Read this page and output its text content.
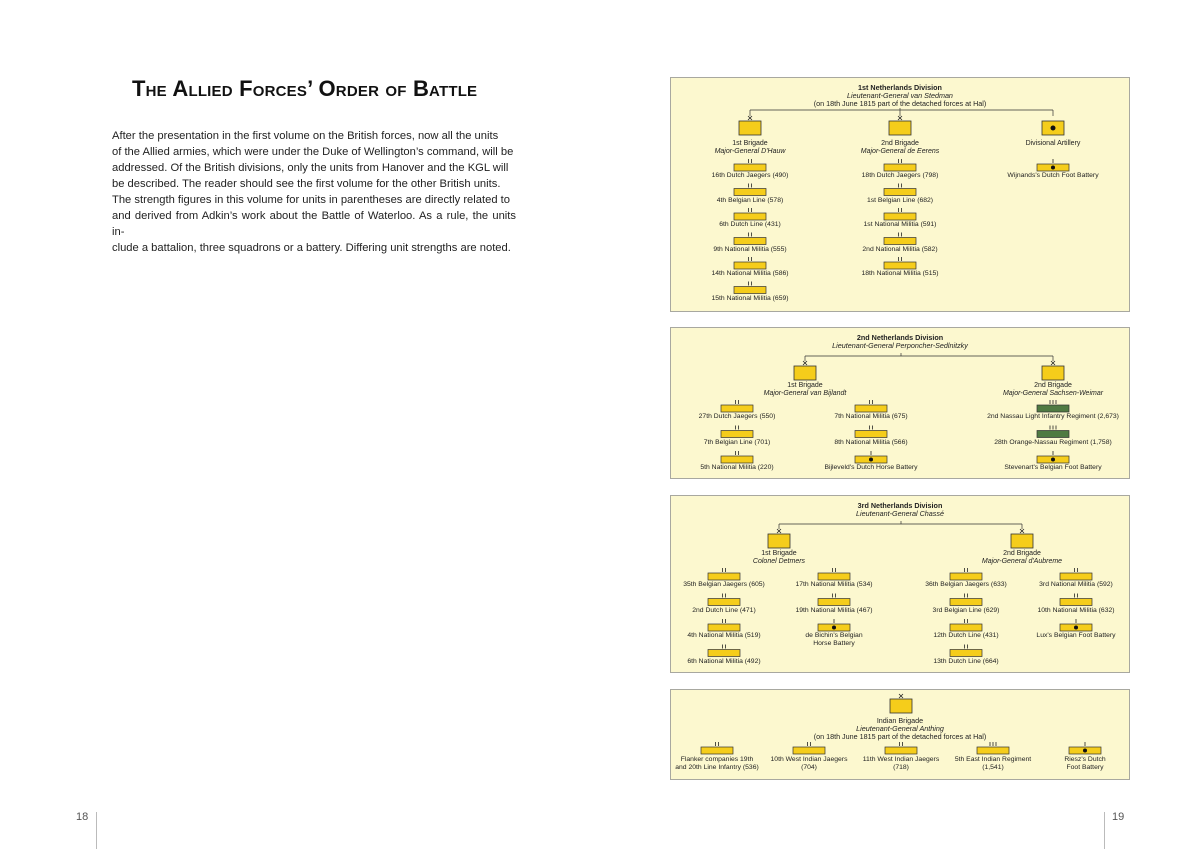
The Allied Forces’ Order of Battle

After the presentation in the first volume on the British forces, now all the units
of the Allied armies, which were under the Duke of Wellington’s command, will be
addressed. Of the British divisions, only the units from Hanover and the KGL will
be described. The reader should see the first volume for the other British units.
The strength figures in this volume for units in parentheses are directly related to
and derived from Adkin’s work about the Battle of Waterloo. As a rule, the units in-
clude a battalion, three squadrons or a battery. Differing unit strengths are noted.

18	19
1st Netherlands Division
Lieutenant-General van Stedman
(on 18th June 1815 part of the detached forces at Hal)
1st Brigade
Major-General D'Hauw
16th Dutch Jaegers (490)
4th Belgian Line (578)
6th Dutch Line (431)
9th National Militia (555)
14th National Militia (586)
15th National Militia (659)
2nd Brigade
Major-General de Eerens
18th Dutch Jaegers (798)
1st Belgian Line (682)
1st National Militia (591)
2nd National Militia (582)
18th National Militia (515)
Divisional Artillery
Wijnands's Dutch Foot Battery
2nd Netherlands Division
Lieutenant-General Perponcher-Sedlnitzky
1st Brigade
Major-General van Bijlandt
27th Dutch Jaegers (550)
7th Belgian Line (701)
5th National Militia (220)
7th National Militia (675)
8th National Militia (566)
Bijleveld's Dutch Horse Battery
2nd Brigade
Major-General Sachsen-Weimar
2nd Nassau Light Infantry Regiment (2,673)
28th Orange-Nassau Regiment (1,758)
Stevenart's Belgian Foot Battery
3rd Netherlands Division
Lieutenant-General Chassé
1st Brigade
Colonel Detmers
35th Belgian Jaegers (605)
2nd Dutch Line (471)
4th National Militia (519)
6th National Militia (492)
17th National Militia (534)
19th National Militia (467)
de Bichin's Belgian
Horse Battery
2nd Brigade
Major-General d'Aubreme
36th Belgian Jaegers (633)
3rd Belgian Line (629)
12th Dutch Line (431)
13th Dutch Line (664)
3rd National Militia (592)
10th National Militia (632)
Lux's Belgian Foot Battery
Indian Brigade
Lieutenant-General Anthing
(on 18th June 1815 part of the detached forces at Hal)
Flanker companies 19th
and 20th Line Infantry (536)
10th West Indian Jaegers
(704)
11th West Indian Jaegers
(718)
5th East Indian Regiment
(1,541)
Riesz's Dutch
Foot Battery
